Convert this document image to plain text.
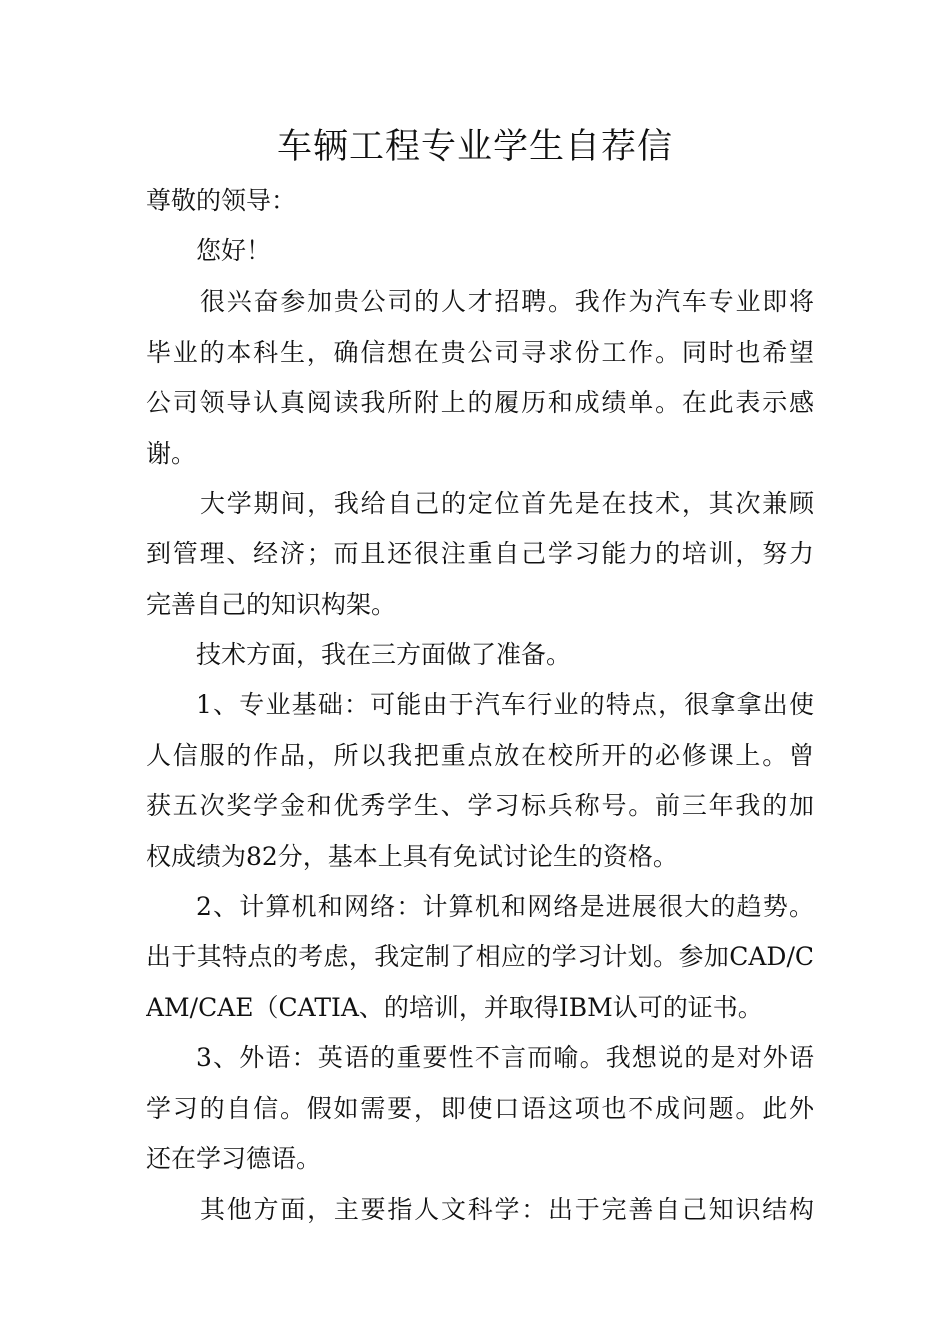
车辆工程专业学生自荐信
尊敬的领导：
您好！
很兴奋参加贵公司的人才招聘。我作为汽车专业即将
毕业的本科生，确信想在贵公司寻求份工作。同时也希望
公司领导认真阅读我所附上的履历和成绩单。在此表示感
谢。
大学期间，我给自己的定位首先是在技术，其次兼顾
到管理、经济；而且还很注重自己学习能力的培训，努力
完善自己的知识构架。
技术方面，我在三方面做了准备。
1、专业基础：可能由于汽车行业的特点，很拿拿出使
人信服的作品，所以我把重点放在校所开的必修课上。曾
获五次奖学金和优秀学生、学习标兵称号。前三年我的加
权成绩为82分，基本上具有免试讨论生的资格。
2、计算机和网络：计算机和网络是进展很大的趋势。
出于其特点的考虑，我定制了相应的学习计划。参加CAD/C
AM/CAE（CATIA、的培训，并取得IBM认可的证书。
3、外语：英语的重要性不言而喻。我想说的是对外语
学习的自信。假如需要，即使口语这项也不成问题。此外
还在学习德语。
其他方面，主要指人文科学：出于完善自己知识结构
